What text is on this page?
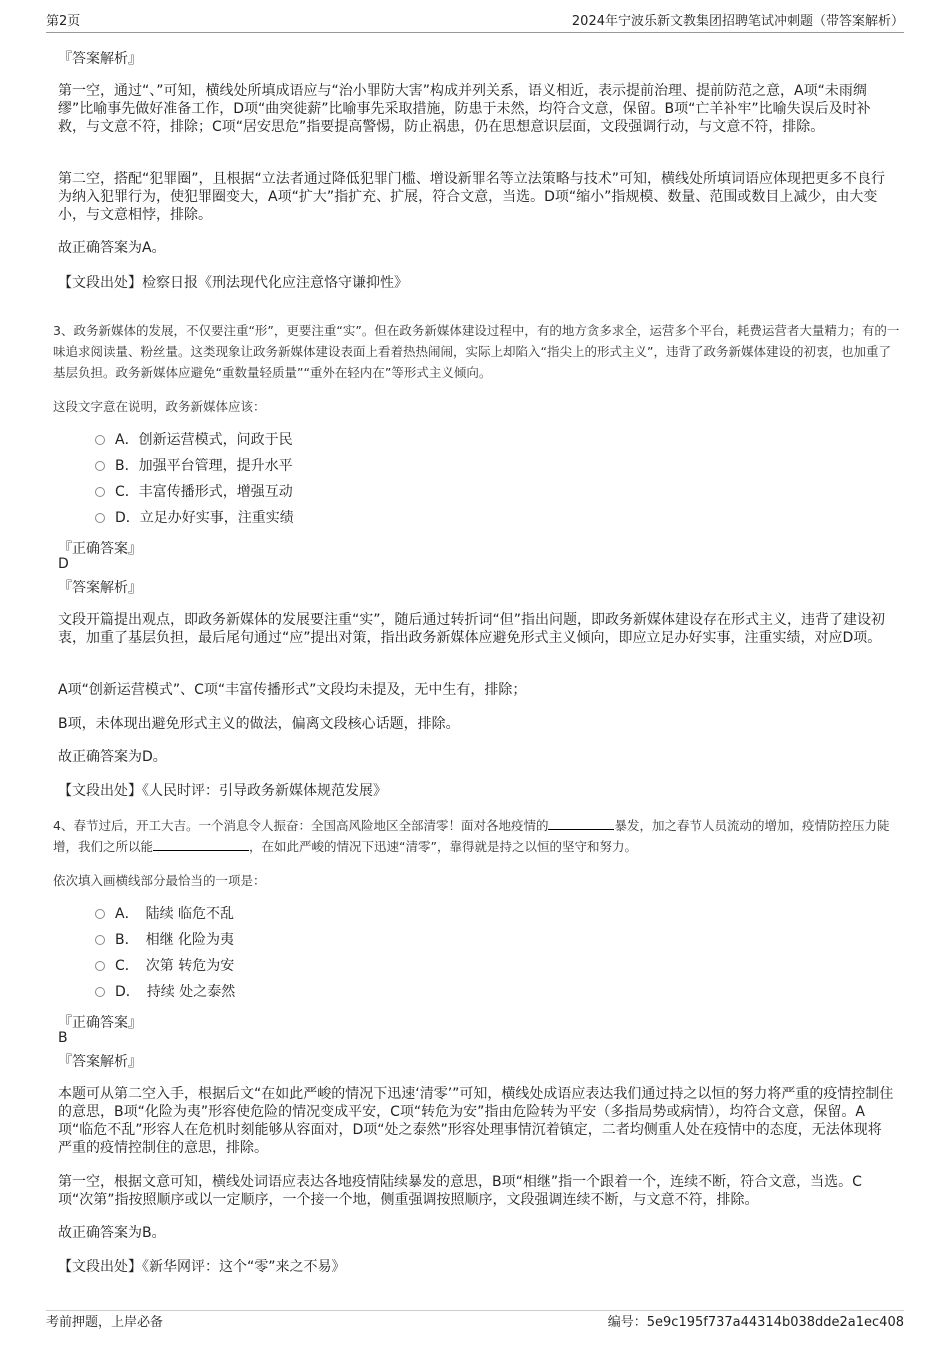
第2页	2024年宁波乐新文教集团招聘笔试冲刺题（带答案解析）
『答案解析』
第一空，通过“、”可知，横线处所填成语应与“治小罪防大害”构成并列关系，语义相近，表示提前治理、提前防范之意，A项“未雨绸缪”比喻事先做好准备工作，D项“曲突徙薪”比喻事先采取措施，防患于未然，均符合文意，保留。B项“亡羊补牢”比喻失误后及时补救，与文意不符，排除；C项“居安思危”指要提高警惕，防止祸患，仍在思想意识层面，文段强调行动，与文意不符，排除。
第二空，搭配“犯罪圈”，且根据“立法者通过降低犯罪门槛、增设新罪名等立法策略与技术”可知，横线处所填词语应体现把更多不良行为纳入犯罪行为，使犯罪圈变大，A项“扩大”指扩充、扩展，符合文意，当选。D项“缩小”指规模、数量、范围或数目上减少，由大变小，与文意相悖，排除。
故正确答案为A。
【文段出处】检察日报《刑法现代化应注意恪守谦抑性》
3、政务新媒体的发展，不仅要注重“形”，更要注重“实”。但在政务新媒体建设过程中，有的地方贪多求全，运营多个平台，耗费运营者大量精力；有的一味追求阅读量、粉丝量。这类现象让政务新媒体建设表面上看着热热闹闹，实际上却陷入“指尖上的形式主义”，违背了政务新媒体建设的初衷，也加重了基层负担。政务新媒体应避免“重数量轻质量”“重外在轻内在”等形式主义倾向。
这段文字意在说明，政务新媒体应该：
A．创新运营模式，问政于民
B．加强平台管理，提升水平
C．丰富传播形式，增强互动
D．立足办好实事，注重实绩
『正确答案』
D
『答案解析』
文段开篇提出观点，即政务新媒体的发展要注重“实”，随后通过转折词“但”指出问题，即政务新媒体建设存在形式主义，违背了建设初衷，加重了基层负担，最后尾句通过“应”提出对策，指出政务新媒体应避免形式主义倾向，即应立足办好实事，注重实绩，对应D项。
A项“创新运营模式”、C项“丰富传播形式”文段均未提及，无中生有，排除；
B项，未体现出避免形式主义的做法，偏离文段核心话题，排除。
故正确答案为D。
【文段出处】《人民时评：引导政务新媒体规范发展》
4、春节过后，开工大吉。一个消息令人振奋：全国高风险地区全部清零！面对各地疫情的	暴发，加之春节人员流动的增加，疫情防控压力陡增，我们之所以能	，在如此严峻的情况下迅速“清零”，靠得就是持之以恒的坚守和努力。
依次填入画横线部分最恰当的一项是：
A．　陆续 临危不乱
B．　相继 化险为夷
C．　次第 转危为安
D．　持续 处之泰然
『正确答案』
B
『答案解析』
本题可从第二空入手，根据后文“在如此严峻的情况下迅速‘清零’”可知，横线处成语应表达我们通过持之以恒的努力将严重的疫情控制住的意思，B项“化险为夷”形容使危险的情况变成平安，C项“转危为安”指由危险转为平安（多指局势或病情），均符合文意，保留。A项“临危不乱”形容人在危机时刻能够从容面对，D项“处之泰然”形容处理事情沉着镇定，二者均侧重人处在疫情中的态度，无法体现将严重的疫情控制住的意思，排除。
第一空，根据文意可知，横线处词语应表达各地疫情陆续暴发的意思，B项“相继”指一个跟着一个，连续不断，符合文意，当选。C项“次第”指按照顺序或以一定顺序，一个接一个地，侧重强调按照顺序，文段强调连续不断，与文意不符，排除。
故正确答案为B。
【文段出处】《新华网评：这个“零”来之不易》
考前押题，上岸必备	编号：5e9c195f737a44314b038dde2a1ec408
